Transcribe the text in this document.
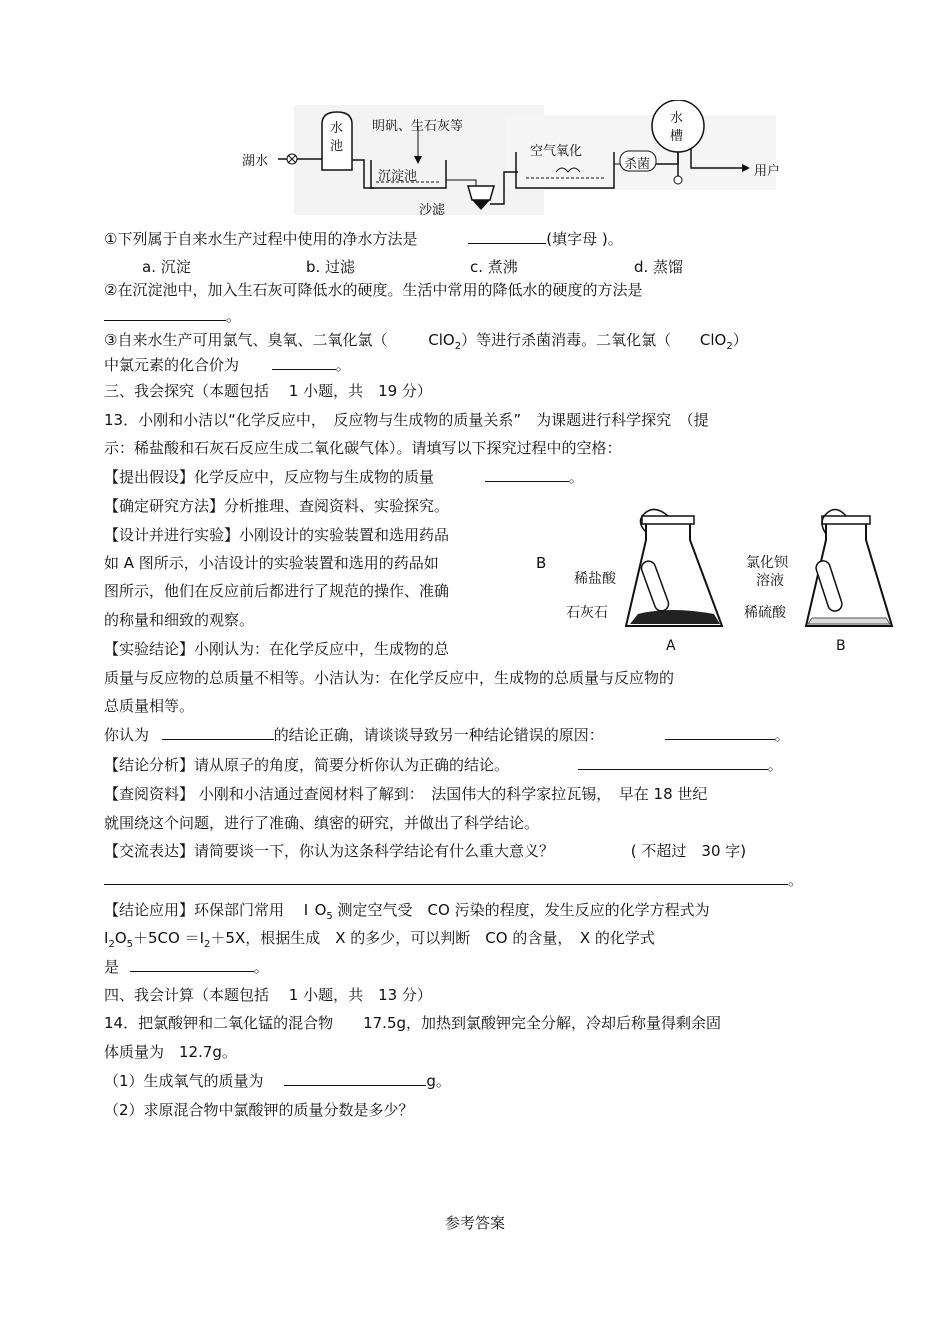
湖水
水池
明矾、生石灰等
沉淀池
沙滤
空气氧化
杀菌
水槽
用户
①下列属于自来水生产过程中使用的净水方法是	(填字母 )。
a. 沉淀	b. 过滤	c. 煮沸	d. 蒸馏
②在沉淀池中，加入生石灰可降低水的硬度。生活中常用的降低水的硬度的方法是
。
③自来水生产可用氯气、臭氧、二氧化氯（	ClO$_2$）等进行杀菌消毒。二氧化氯（ ClO$_2$）
中氯元素的化合价为	。
三、我会探究（本题包括　 1 小题，共　19 分）
13．小刚和小洁以“化学反应中，　反应物与生成物的质量关系”　为课题进行科学探究　（提
示：稀盐酸和石灰石反应生成二氧化碳气体）。请填写以下探究过程中的空格：
【提出假设】化学反应中，反应物与生成物的质量	。
【确定研究方法】分析推理、查阅资料、实验探究。
【设计并进行实验】小刚设计的实验装置和选用药品
如 A 图所示，小洁设计的实验装置和选用的药品如	B
图所示，他们在反应前后都进行了规范的操作、准确
的称量和细致的观察。
【实验结论】小刚认为：在化学反应中，生成物的总
稀盐酸
石灰石
氯化钡
溶液
稀硫酸
A	B
质量与反应物的总质量不相等。小洁认为：在化学反应中，生成物的总质量与反应物的
总质量相等。
你认为	的结论正确，请谈谈导致另一种结论错误的原因：	。
【结论分析】请从原子的角度，简要分析你认为正确的结论。	。
【查阅资料】 小刚和小洁通过查阅材料了解到：　法国伟大的科学家拉瓦锡，　早在 18 世纪
就围绕这个问题，进行了准确、缜密的研究，并做出了科学结论。
【交流表达】请简要谈一下，你认为这条科学结论有什么重大意义？	( 不超过　30 字)
。
【结论应用】环保部门常用　 I $O_5$ 测定空气受　CO 污染的程度，发生反应的化学方程式为
$I_2O_5+5CO =I_2+5X$，根据生成　X 的多少，可以判断　CO 的含量，　X 的化学式
是	。
四、我会计算（本题包括　 1 小题，共　13 分）
14．把氯酸钾和二氧化锰的混合物　　17.5g，加热到氯酸钾完全分解，冷却后称量得剩余固
体质量为　12.7g。
（1）生成氧气的质量为	g。
（2）求原混合物中氯酸钾的质量分数是多少？
参考答案
